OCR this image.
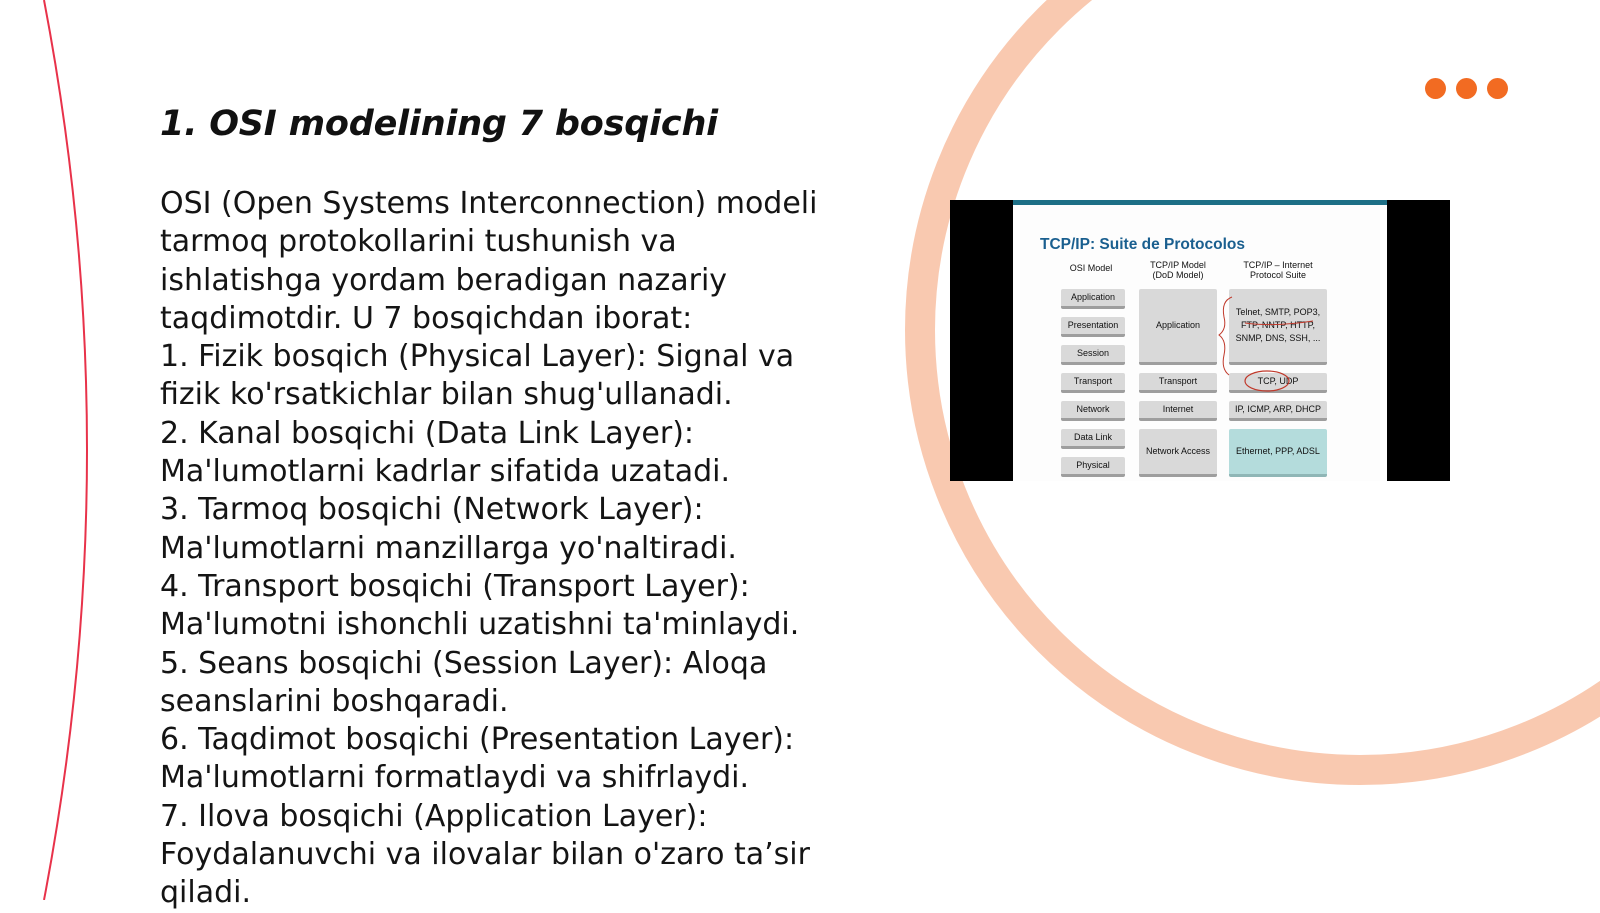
1. OSI modelining 7 bosqichi

OSI (Open Systems Interconnection) modeli tarmoq protokollarini tushunish va ishlatishga yordam beradigan nazariy taqdimotdir. U 7 bosqichdan iborat:

1. Fizik bosqich (Physical Layer): Signal va fizik ko'rsatkichlar bilan shug'ullanadi.

2. Kanal bosqichi (Data Link Layer): Ma'lumotlarni kadrlar sifatida uzatadi.

3. Tarmoq bosqichi (Network Layer): Ma'lumotlarni manzillarga yo'naltiradi.

4. Transport bosqichi (Transport Layer): Ma'lumotni ishonchli uzatishni ta'minlaydi.

5. Seans bosqichi (Session Layer): Aloqa seanslarini boshqaradi.

6. Taqdimot bosqichi (Presentation Layer): Ma'lumotlarni formatlaydi va shifrlaydi.

7. Ilova bosqichi (Application Layer): Foydalanuvchi va ilovalar bilan o'zaro ta’sir qiladi.

TCP/IP: Suite de Protocolos
OSI Model	TCP/IP Model (DoD Model)
TCP/IP – Internet Protocol Suite
Application
Presentation
Session
Transport
Network
Data Link
Physical
Application
Transport
Internet
Network Access
Telnet, SMTP, POP3, FTP, NNTP, HTTP, SNMP, DNS, SSH, ...
TCP, UDP
IP, ICMP, ARP, DHCP
Ethernet, PPP, ADSL
